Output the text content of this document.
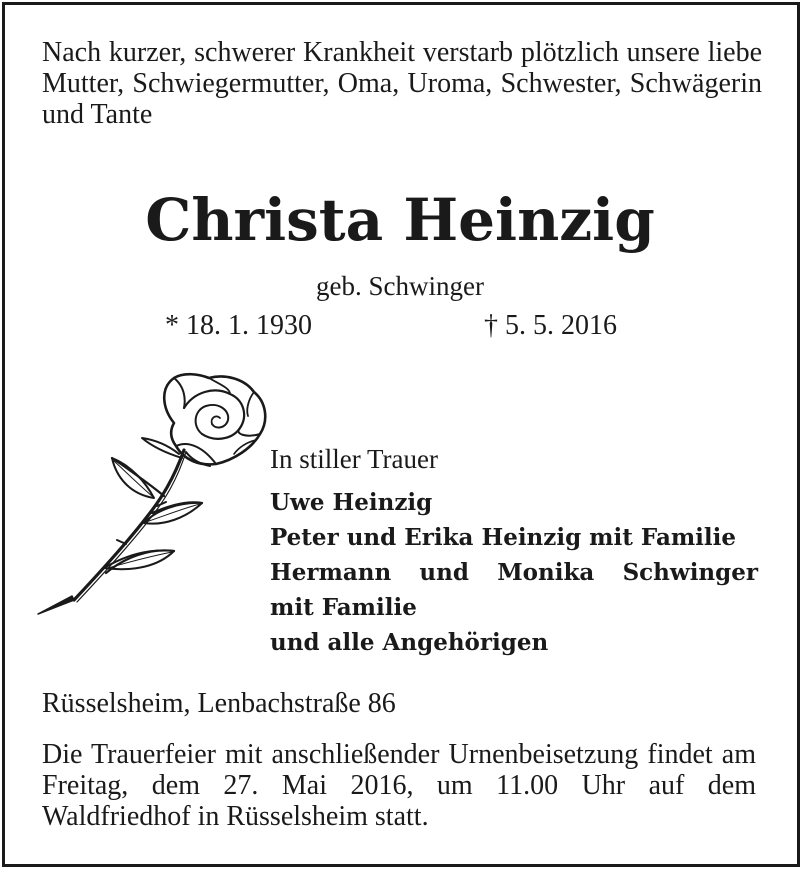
Nach kurzer, schwerer Krankheit verstarb plötzlich unsere liebe Mutter, Schwiegermutter, Oma, Uroma, Schwester, Schwägerin und Tante
Christa Heinzig
geb. Schwinger
* 18. 1. 1930	† 5. 5. 2016
In stiller Trauer
Uwe Heinzig
Peter und Erika Heinzig mit Familie
Hermann und Monika Schwinger
mit Familie
und alle Angehörigen
Rüsselsheim, Lenbachstraße 86
Die Trauerfeier mit anschließender Urnenbeisetzung findet am Freitag, dem 27. Mai 2016, um 11.00 Uhr auf dem Waldfriedhof in Rüsselsheim statt.
